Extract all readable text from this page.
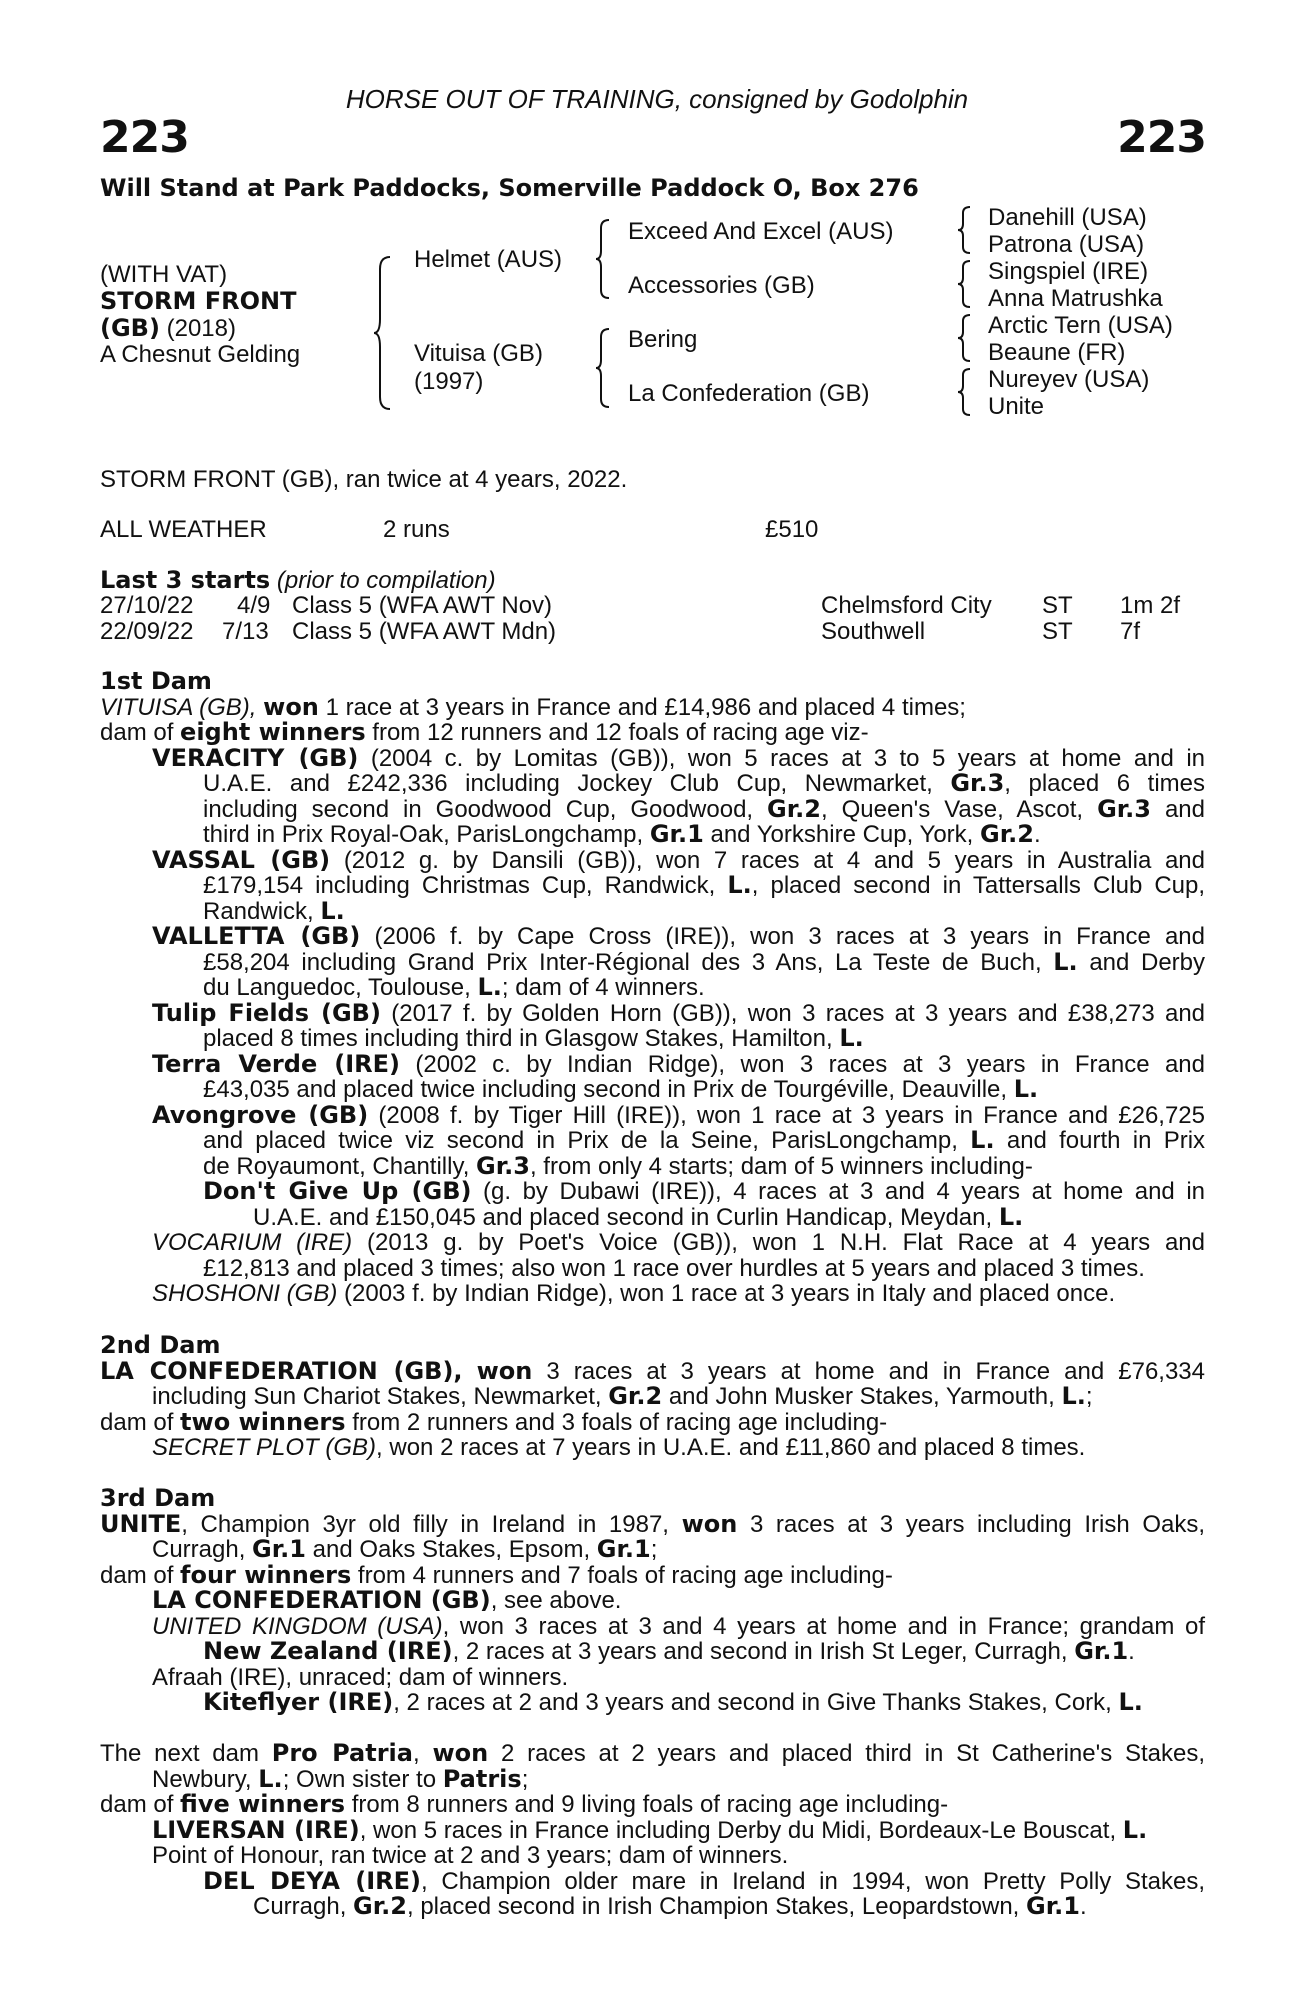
HORSE OUT OF TRAINING, consigned by Godolphin
223	223
Will Stand at Park Paddocks, Somerville Paddock O, Box 276
(WITH VAT)
STORM FRONT
(GB) (2018)
A Chesnut Gelding
Helmet (AUS)
Vituisa (GB)
(1997)
Exceed And Excel (AUS)
Accessories (GB)
Bering
La Confederation (GB)
Danehill (USA)
Patrona (USA)
Singspiel (IRE)
Anna Matrushka
Arctic Tern (USA)
Beaune (FR)
Nureyev (USA)
Unite
STORM FRONT (GB), ran twice at 4 years, 2022.
ALL WEATHER	2 runs	£510
Last 3 starts (prior to compilation)
27/10/22 4/9 Class 5 (WFA AWT Nov)	Chelmsford City ST 1m 2f
22/09/22 7/13 Class 5 (WFA AWT Mdn)	Southwell	ST 7f
1st Dam
VITUISA (GB), won 1 race at 3 years in France and £14,986 and placed 4 times;
dam of eight winners from 12 runners and 12 foals of racing age viz-
VERACITY (GB) (2004 c. by Lomitas (GB)), won 5 races at 3 to 5 years at home and in
U.A.E. and £242,336 including Jockey Club Cup, Newmarket, Gr.3, placed 6 times
including second in Goodwood Cup, Goodwood, Gr.2, Queen's Vase, Ascot, Gr.3 and
third in Prix Royal-Oak, ParisLongchamp, Gr.1 and Yorkshire Cup, York, Gr.2.
VASSAL (GB) (2012 g. by Dansili (GB)), won 7 races at 4 and 5 years in Australia and
£179,154 including Christmas Cup, Randwick, L., placed second in Tattersalls Club Cup,
Randwick, L.
VALLETTA (GB) (2006 f. by Cape Cross (IRE)), won 3 races at 3 years in France and
£58,204 including Grand Prix Inter-Régional des 3 Ans, La Teste de Buch, L. and Derby
du Languedoc, Toulouse, L.; dam of 4 winners.
Tulip Fields (GB) (2017 f. by Golden Horn (GB)), won 3 races at 3 years and £38,273 and
placed 8 times including third in Glasgow Stakes, Hamilton, L.
Terra Verde (IRE) (2002 c. by Indian Ridge), won 3 races at 3 years in France and
£43,035 and placed twice including second in Prix de Tourgéville, Deauville, L.
Avongrove (GB) (2008 f. by Tiger Hill (IRE)), won 1 race at 3 years in France and £26,725
and placed twice viz second in Prix de la Seine, ParisLongchamp, L. and fourth in Prix
de Royaumont, Chantilly, Gr.3, from only 4 starts; dam of 5 winners including-
Don't Give Up (GB) (g. by Dubawi (IRE)), 4 races at 3 and 4 years at home and in
U.A.E. and £150,045 and placed second in Curlin Handicap, Meydan, L.
VOCARIUM (IRE) (2013 g. by Poet's Voice (GB)), won 1 N.H. Flat Race at 4 years and
£12,813 and placed 3 times; also won 1 race over hurdles at 5 years and placed 3 times.
SHOSHONI (GB) (2003 f. by Indian Ridge), won 1 race at 3 years in Italy and placed once.
2nd Dam
LA CONFEDERATION (GB), won 3 races at 3 years at home and in France and £76,334
including Sun Chariot Stakes, Newmarket, Gr.2 and John Musker Stakes, Yarmouth, L.;
dam of two winners from 2 runners and 3 foals of racing age including-
SECRET PLOT (GB), won 2 races at 7 years in U.A.E. and £11,860 and placed 8 times.
3rd Dam
UNITE, Champion 3yr old filly in Ireland in 1987, won 3 races at 3 years including Irish Oaks,
Curragh, Gr.1 and Oaks Stakes, Epsom, Gr.1;
dam of four winners from 4 runners and 7 foals of racing age including-
LA CONFEDERATION (GB), see above.
UNITED KINGDOM (USA), won 3 races at 3 and 4 years at home and in France; grandam of
New Zealand (IRE), 2 races at 3 years and second in Irish St Leger, Curragh, Gr.1.
Afraah (IRE), unraced; dam of winners.
Kiteflyer (IRE), 2 races at 2 and 3 years and second in Give Thanks Stakes, Cork, L.
The next dam Pro Patria, won 2 races at 2 years and placed third in St Catherine's Stakes,
Newbury, L.; Own sister to Patris;
dam of five winners from 8 runners and 9 living foals of racing age including-
LIVERSAN (IRE), won 5 races in France including Derby du Midi, Bordeaux-Le Bouscat, L.
Point of Honour, ran twice at 2 and 3 years; dam of winners.
DEL DEYA (IRE), Champion older mare in Ireland in 1994, won Pretty Polly Stakes,
Curragh, Gr.2, placed second in Irish Champion Stakes, Leopardstown, Gr.1.
